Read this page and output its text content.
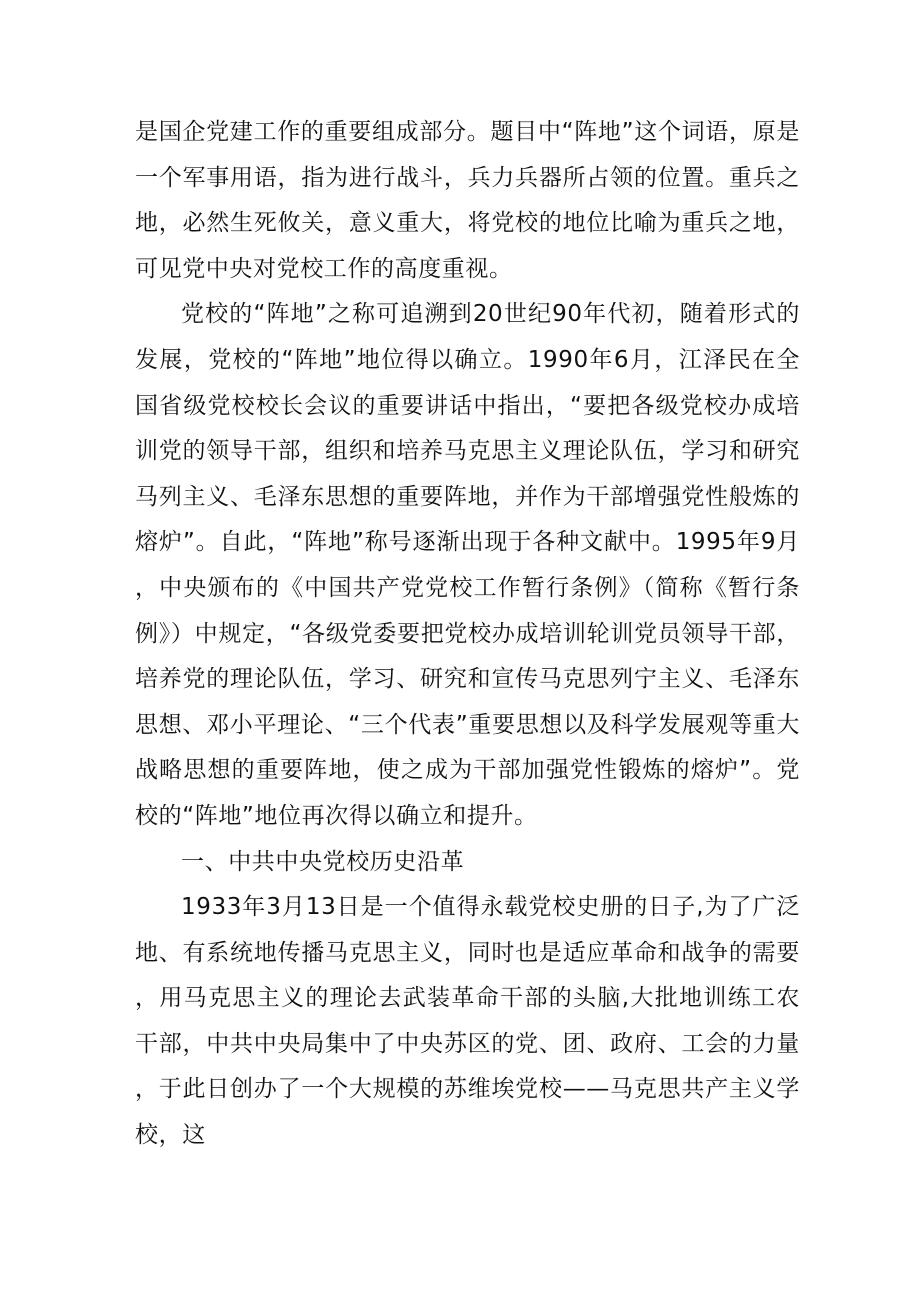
是国企党建工作的重要组成部分。题目中“阵地”这个词语，原是一个军事用语，指为进行战斗，兵力兵器所占领的位置。重兵之地，必然生死攸关，意义重大，将党校的地位比喻为重兵之地，可见党中央对党校工作的高度重视。

党校的“阵地”之称可追溯到20世纪90年代初，随着形式的发展，党校的“阵地”地位得以确立。1990年6月，江泽民在全国省级党校校长会议的重要讲话中指出，“要把各级党校办成培训党的领导干部，组织和培养马克思主义理论队伍，学习和研究马列主义、毛泽东思想的重要阵地，并作为干部增强党性般炼的熔炉”。自此，“阵地”称号逐渐出现于各种文献中。1995年9月，中央颁布的《中国共产党党校工作暂行条例》（简称《暂行条例》）中规定，“各级党委要把党校办成培训轮训党员领导干部，培养党的理论队伍，学习、研究和宣传马克思列宁主义、毛泽东思想、邓小平理论、“三个代表”重要思想以及科学发展观等重大战略思想的重要阵地，使之成为干部加强党性锻炼的熔炉”。党校的“阵地”地位再次得以确立和提升。

一、中共中央党校历史沿革

1933年3月13日是一个值得永载党校史册的日子,为了广泛地、有系统地传播马克思主义，同时也是适应革命和战争的需要，用马克思主义的理论去武装革命干部的头脑,大批地训练工农干部，中共中央局集中了中央苏区的党、团、政府、工会的力量，于此日创办了一个大规模的苏维埃党校——马克思共产主义学校，这
